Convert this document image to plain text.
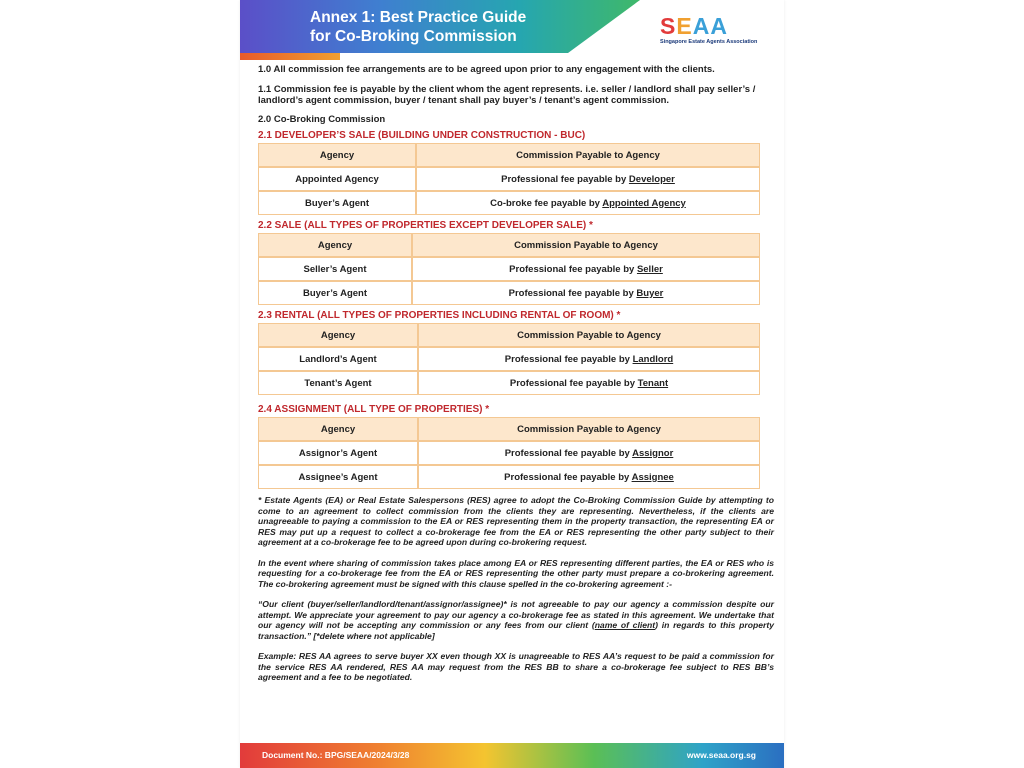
Annex 1: Best Practice Guide
for Co-Broking Commission	SEAA
Singapore Estate Agents Association

1.0 All commission fee arrangements are to be agreed upon prior to any engagement with the clients.

1.1 Commission fee is payable by the client whom the agent represents. i.e. seller / landlord shall pay seller’s / landlord’s agent commission, buyer / tenant shall pay buyer’s / tenant’s agent commission.

2.0 Co-Broking Commission

2.1 DEVELOPER’S SALE (BUILDING UNDER CONSTRUCTION - BUC)

Agency	Commission Payable to Agency
Appointed Agency	Professional fee payable by Developer
Buyer’s Agent	Co-broke fee payable by Appointed Agency

2.2 SALE (ALL TYPES OF PROPERTIES EXCEPT DEVELOPER SALE) *

Agency	Commission Payable to Agency
Seller’s Agent	Professional fee payable by Seller
Buyer’s Agent	Professional fee payable by Buyer

2.3 RENTAL (ALL TYPES OF PROPERTIES INCLUDING RENTAL OF ROOM) *

Agency	Commission Payable to Agency
Landlord’s Agent	Professional fee payable by Landlord
Tenant’s Agent	Professional fee payable by Tenant

2.4 ASSIGNMENT (ALL TYPE OF PROPERTIES) *

Agency	Commission Payable to Agency
Assignor’s Agent	Professional fee payable by Assignor
Assignee’s Agent	Professional fee payable by Assignee

* Estate Agents (EA) or Real Estate Salespersons (RES) agree to adopt the Co-Broking Commission Guide by attempting to come to an agreement to collect commission from the clients they are representing. Nevertheless, if the clients are unagreeable to paying a commission to the EA or RES representing them in the property transaction, the representing EA or RES may put up a request to collect a co-brokerage fee from the EA or RES representing the other party subject to their agreement at a co-brokerage fee to be agreed upon during co-brokering request.

In the event where sharing of commission takes place among EA or RES representing different parties, the EA or RES who is requesting for a co-brokerage fee from the EA or RES representing the other party must prepare a co-brokering agreement. The co-brokering agreement must be signed with this clause spelled in the co-brokering agreement :-

“Our client (buyer/seller/landlord/tenant/assignor/assignee)* is not agreeable to pay our agency a commission despite our attempt. We appreciate your agreement to pay our agency a co-brokerage fee as stated in this agreement. We undertake that our agency will not be accepting any commission or any fees from our client (name of client) in regards to this property transaction.” [*delete where not applicable]

Example: RES AA agrees to serve buyer XX even though XX is unagreeable to RES AA’s request to be paid a commission for the service RES AA rendered, RES AA may request from the RES BB to share a co-brokerage fee subject to RES BB’s agreement and a fee to be negotiated.

Document No.: BPG/SEAA/2024/3/28	www.seaa.org.sg
